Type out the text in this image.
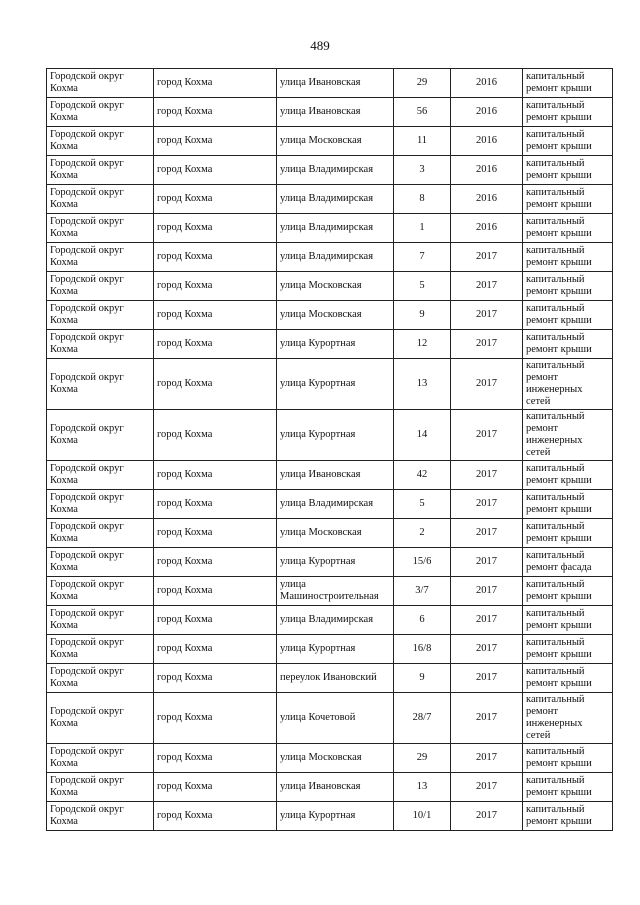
489
Городской округ Кохма	город Кохма	улица Ивановская	29	2016	капитальный ремонт крыши
Городской округ Кохма	город Кохма	улица Ивановская	56	2016	капитальный ремонт крыши
Городской округ Кохма	город Кохма	улица Московская	11	2016	капитальный ремонт крыши
Городской округ Кохма	город Кохма	улица Владимирская	3	2016	капитальный ремонт крыши
Городской округ Кохма	город Кохма	улица Владимирская	8	2016	капитальный ремонт крыши
Городской округ Кохма	город Кохма	улица Владимирская	1	2016	капитальный ремонт крыши
Городской округ Кохма	город Кохма	улица Владимирская	7	2017	капитальный ремонт крыши
Городской округ Кохма	город Кохма	улица Московская	5	2017	капитальный ремонт крыши
Городской округ Кохма	город Кохма	улица Московская	9	2017	капитальный ремонт крыши
Городской округ Кохма	город Кохма	улица Курортная	12	2017	капитальный ремонт крыши
Городской округ Кохма	город Кохма	улица Курортная	13	2017	капитальный ремонт инженерных сетей
Городской округ Кохма	город Кохма	улица Курортная	14	2017	капитальный ремонт инженерных сетей
Городской округ Кохма	город Кохма	улица Ивановская	42	2017	капитальный ремонт крыши
Городской округ Кохма	город Кохма	улица Владимирская	5	2017	капитальный ремонт крыши
Городской округ Кохма	город Кохма	улица Московская	2	2017	капитальный ремонт крыши
Городской округ Кохма	город Кохма	улица Курортная	15/6	2017	капитальный ремонт фасада
Городской округ Кохма	город Кохма	улица Машиностроительная	3/7	2017	капитальный ремонт крыши
Городской округ Кохма	город Кохма	улица Владимирская	6	2017	капитальный ремонт крыши
Городской округ Кохма	город Кохма	улица Курортная	16/8	2017	капитальный ремонт крыши
Городской округ Кохма	город Кохма	переулок Ивановский	9	2017	капитальный ремонт крыши
Городской округ Кохма	город Кохма	улица Кочетовой	28/7	2017	капитальный ремонт инженерных сетей
Городской округ Кохма	город Кохма	улица Московская	29	2017	капитальный ремонт крыши
Городской округ Кохма	город Кохма	улица Ивановская	13	2017	капитальный ремонт крыши
Городской округ Кохма	город Кохма	улица Курортная	10/1	2017	капитальный ремонт крыши
